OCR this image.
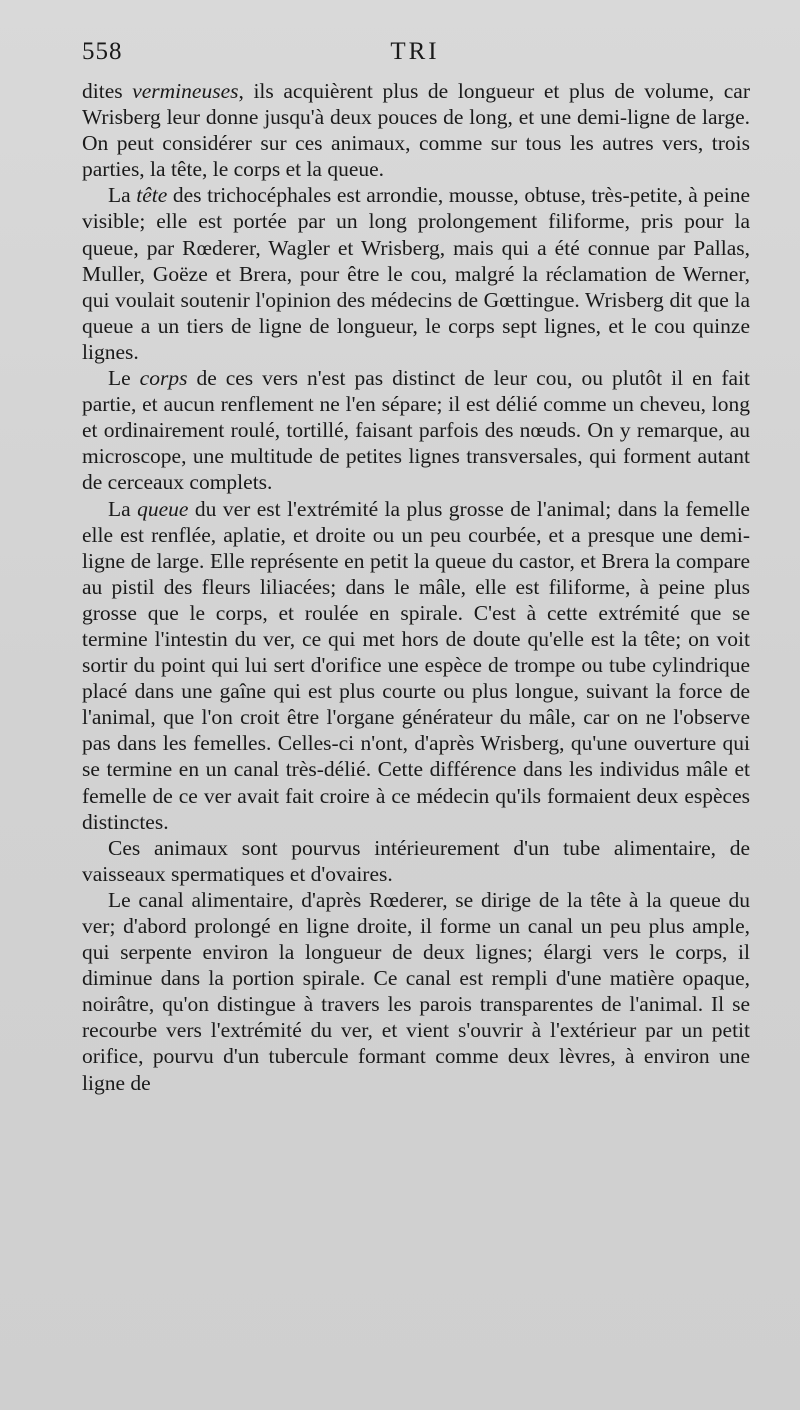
558	TRI

dites vermineuses, ils acquièrent plus de longueur et plus de volume, car Wrisberg leur donne jusqu'à deux pouces de long, et une demi-ligne de large. On peut considérer sur ces animaux, comme sur tous les autres vers, trois parties, la tête, le corps et la queue.

La tête des trichocéphales est arrondie, mousse, obtuse, très-petite, à peine visible; elle est portée par un long prolongement filiforme, pris pour la queue, par Rœderer, Wagler et Wrisberg, mais qui a été connue par Pallas, Muller, Goëze et Brera, pour être le cou, malgré la réclamation de Werner, qui voulait soutenir l'opinion des médecins de Gœttingue. Wrisberg dit que la queue a un tiers de ligne de longueur, le corps sept lignes, et le cou quinze lignes.

Le corps de ces vers n'est pas distinct de leur cou, ou plutôt il en fait partie, et aucun renflement ne l'en sépare; il est délié comme un cheveu, long et ordinairement roulé, tortillé, faisant parfois des nœuds. On y remarque, au microscope, une multitude de petites lignes transversales, qui forment autant de cerceaux complets.

La queue du ver est l'extrémité la plus grosse de l'animal; dans la femelle elle est renflée, aplatie, et droite ou un peu courbée, et a presque une demi-ligne de large. Elle représente en petit la queue du castor, et Brera la compare au pistil des fleurs liliacées; dans le mâle, elle est filiforme, à peine plus grosse que le corps, et roulée en spirale. C'est à cette extrémité que se termine l'intestin du ver, ce qui met hors de doute qu'elle est la tête; on voit sortir du point qui lui sert d'orifice une espèce de trompe ou tube cylindrique placé dans une gaîne qui est plus courte ou plus longue, suivant la force de l'animal, que l'on croit être l'organe générateur du mâle, car on ne l'observe pas dans les femelles. Celles-ci n'ont, d'après Wrisberg, qu'une ouverture qui se termine en un canal très-délié. Cette différence dans les individus mâle et femelle de ce ver avait fait croire à ce médecin qu'ils formaient deux espèces distinctes.

Ces animaux sont pourvus intérieurement d'un tube alimentaire, de vaisseaux spermatiques et d'ovaires.

Le canal alimentaire, d'après Rœderer, se dirige de la tête à la queue du ver; d'abord prolongé en ligne droite, il forme un canal un peu plus ample, qui serpente environ la longueur de deux lignes; élargi vers le corps, il diminue dans la portion spirale. Ce canal est rempli d'une matière opaque, noirâtre, qu'on distingue à travers les parois transparentes de l'animal. Il se recourbe vers l'extrémité du ver, et vient s'ouvrir à l'extérieur par un petit orifice, pourvu d'un tubercule formant comme deux lèvres, à environ une ligne de
